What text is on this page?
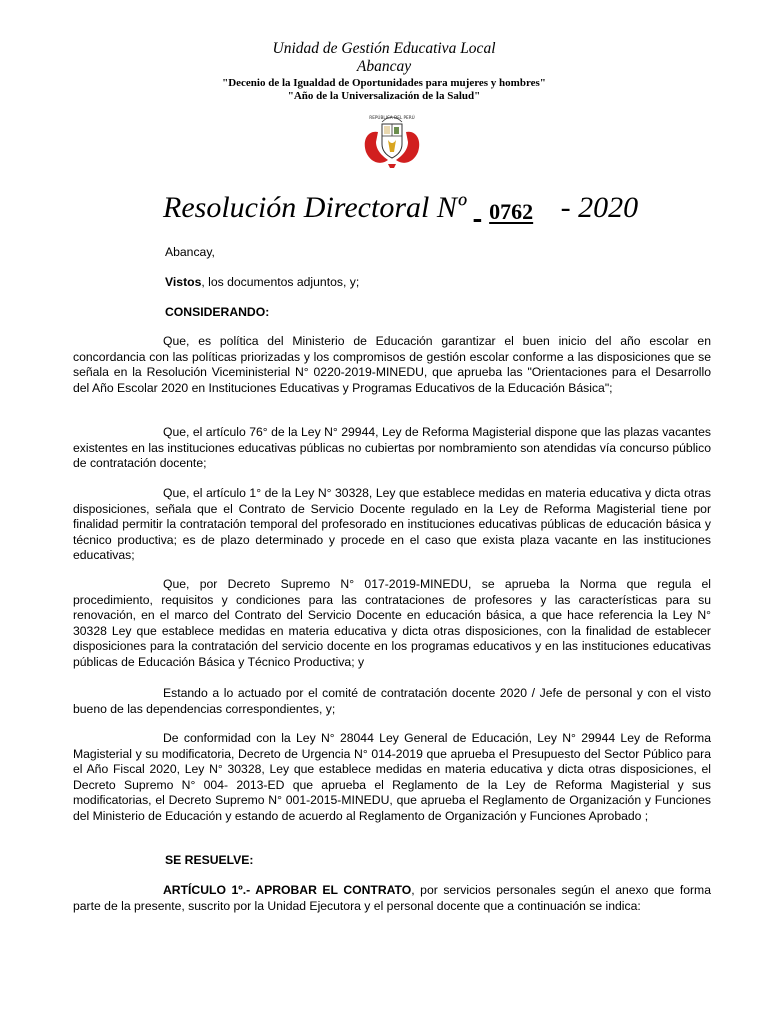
Unidad de Gestión Educativa Local
Abancay
"Decenio de la Igualdad de Oportunidades para mujeres y hombres"
"Año de la Universalización de la Salud"
REPÚBLICA DEL PERÚ
Resolución Directoral Nº 0762 - 2020
Abancay,
Vistos, los documentos adjuntos, y;
CONSIDERANDO:
Que, es política del Ministerio de Educación garantizar el buen inicio del año escolar en concordancia con las políticas priorizadas y los compromisos de gestión escolar conforme a las disposiciones que se señala en la Resolución Viceministerial N° 0220-2019-MINEDU, que aprueba las "Orientaciones para el Desarrollo del Año Escolar 2020 en Instituciones Educativas y Programas Educativos de la Educación Básica";
Que, el artículo 76° de la Ley N° 29944, Ley de Reforma Magisterial dispone que las plazas vacantes existentes en las instituciones educativas públicas no cubiertas por nombramiento son atendidas vía concurso público de contratación docente;
Que, el artículo 1° de la Ley N° 30328, Ley que establece medidas en materia educativa y dicta otras disposiciones, señala que el Contrato de Servicio Docente regulado en la Ley de Reforma Magisterial tiene por finalidad permitir la contratación temporal del profesorado en instituciones educativas públicas de educación básica y técnico productiva; es de plazo determinado y procede en el caso que exista plaza vacante en las instituciones educativas;
Que, por Decreto Supremo N° 017-2019-MINEDU, se aprueba la Norma que regula el procedimiento, requisitos y condiciones para las contrataciones de profesores y las características para su renovación, en el marco del Contrato del Servicio Docente en educación básica, a que hace referencia la Ley N° 30328 Ley que establece medidas en materia educativa y dicta otras disposiciones, con la finalidad de establecer disposiciones para la contratación del servicio docente en los programas educativos y en las instituciones educativas públicas de Educación Básica y Técnico Productiva; y
Estando a lo actuado por el comité de contratación docente 2020 / Jefe de personal y con el visto bueno de las dependencias correspondientes, y;
De conformidad con la Ley N° 28044 Ley General de Educación, Ley N° 29944 Ley de Reforma Magisterial y su modificatoria, Decreto de Urgencia N° 014-2019 que aprueba el Presupuesto del Sector Público para el Año Fiscal 2020, Ley N° 30328, Ley que establece medidas en materia educativa y dicta otras disposiciones, el Decreto Supremo N° 004- 2013-ED que aprueba el Reglamento de la Ley de Reforma Magisterial y sus modificatorias, el Decreto Supremo N° 001-2015-MINEDU, que aprueba el Reglamento de Organización y Funciones del Ministerio de Educación y estando de acuerdo al Reglamento de Organización y Funciones Aprobado ;
SE RESUELVE:
ARTÍCULO 1º.- APROBAR EL CONTRATO, por servicios personales según el anexo que forma parte de la presente, suscrito por la Unidad Ejecutora y el personal docente que a continuación se indica:
